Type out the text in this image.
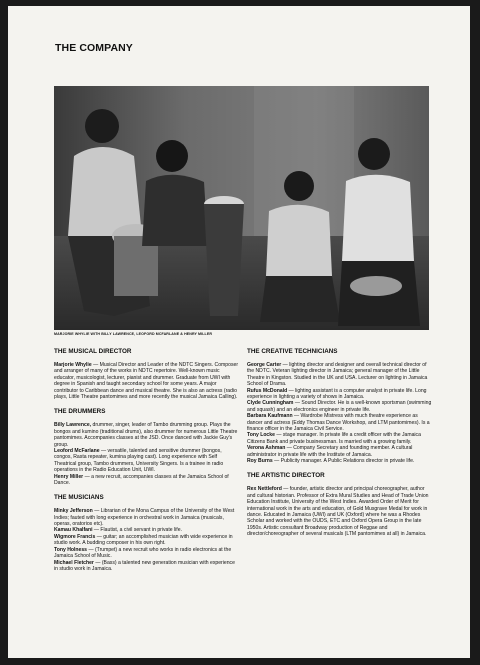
THE COMPANY
MARJORIE WHYLIE WITH BILLY LAWRENCE, LEOFORD MCFARLANE & HENRY MILLER
THE MUSICAL DIRECTOR

Marjorie Whylie — Musical Director and Leader of the NDTC Singers. Composer and arranger of many of the works in NDTC repertoire. Well-known music educator, musicologist, lecturer, pianist and drummer. Graduate from UWI with degree in Spanish and taught secondary school for some years. A major contributor to Caribbean dance and musical theatre. She is also an actress (radio plays, Little Theatre pantomimes and more recently the musical Jamaica Calling).

THE DRUMMERS

Billy Lawrence, drummer, singer, leader of Tambo drumming group. Plays the bongos and kumino (traditional drums), also drummer for numerous Little Theatre pantomimes. Accompanies classes at the JSD. Once danced with Jackie Guy's group.

Leoford McFarlane — versatile, talented and sensitive drummer (bongos, congos, Rasta repeater, kumina playing cast). Long experience with Self Theatrical group, Tambo drummers, University Singers. Is a trainee in radio operations in the Radio Education Unit, UWI.

Henry Miller — a new recruit, accompanies classes at the Jamaica School of Dance.

THE MUSICIANS

Minky Jefferson — Librarian of the Mona Campus of the University of the West Indies; fauted with long experience in orchestral work in Jamaica (musicals, operas, oratorios etc).

Kamau Khalfani — Flautist, a civil servant in private life.

Wigmore Francis — guitar; an accomplished musician with wide experience in studio work. A budding composer in his own right.

Tony Holness — (Trumpet) a new recruit who works in radio electronics at the Jamaica School of Music.

Michael Fletcher — (Bass) a talented new generation musician with experience in studio work in Jamaica.

THE CREATIVE TECHNICIANS

George Carter — lighting director and designer and overall technical director of the NDTC. Veteran lighting director in Jamaica; general manager of the Little Theatre in Kingston. Studied in the UK and USA. Lecturer on lighting in Jamaica School of Drama.

Rufus McDonald — lighting assistant is a computer analyst in private life. Long experience in lighting a variety of shows in Jamaica.

Clyde Cunningham — Sound Director. He is a well-known sportsman (swimming and squash) and an electronics engineer in private life.

Barbara Kaufmann — Wardrobe Mistress with much theatre experience as dancer and actress (Eddy Thomas Dance Workshop, and LTM pantomimes). Is a finance officer in the Jamaica Civil Service.

Tony Locke — stage manager. In private life a credit officer with the Jamaica Citizens Bank and private businessman. Is married with a growing family.

Verona Ashman — Company Secretary and founding member. A cultural administrator in private life with the Institute of Jamaica.

Roy Burns — Publicity manager. A Public Relations director in private life.

THE ARTISTIC DIRECTOR

Rex Nettleford — founder, artistic director and principal choreographer, author and cultural historian. Professor of Extra Mural Studies and Head of Trade Union Education Institute, University of the West Indies. Awarded Order of Merit for international work in the arts and education, of Gold Musgrave Medal for work in dance. Educated in Jamaica (UWI) and UK (Oxford) where he was a Rhodes Scholar and worked with the OUDS, ETC and Oxford Opera Group in the late 1950s. Artistic consultant Broadway production of Reggae and director/choreographer of several musicals (LTM pantomimes at all) in Jamaica.
